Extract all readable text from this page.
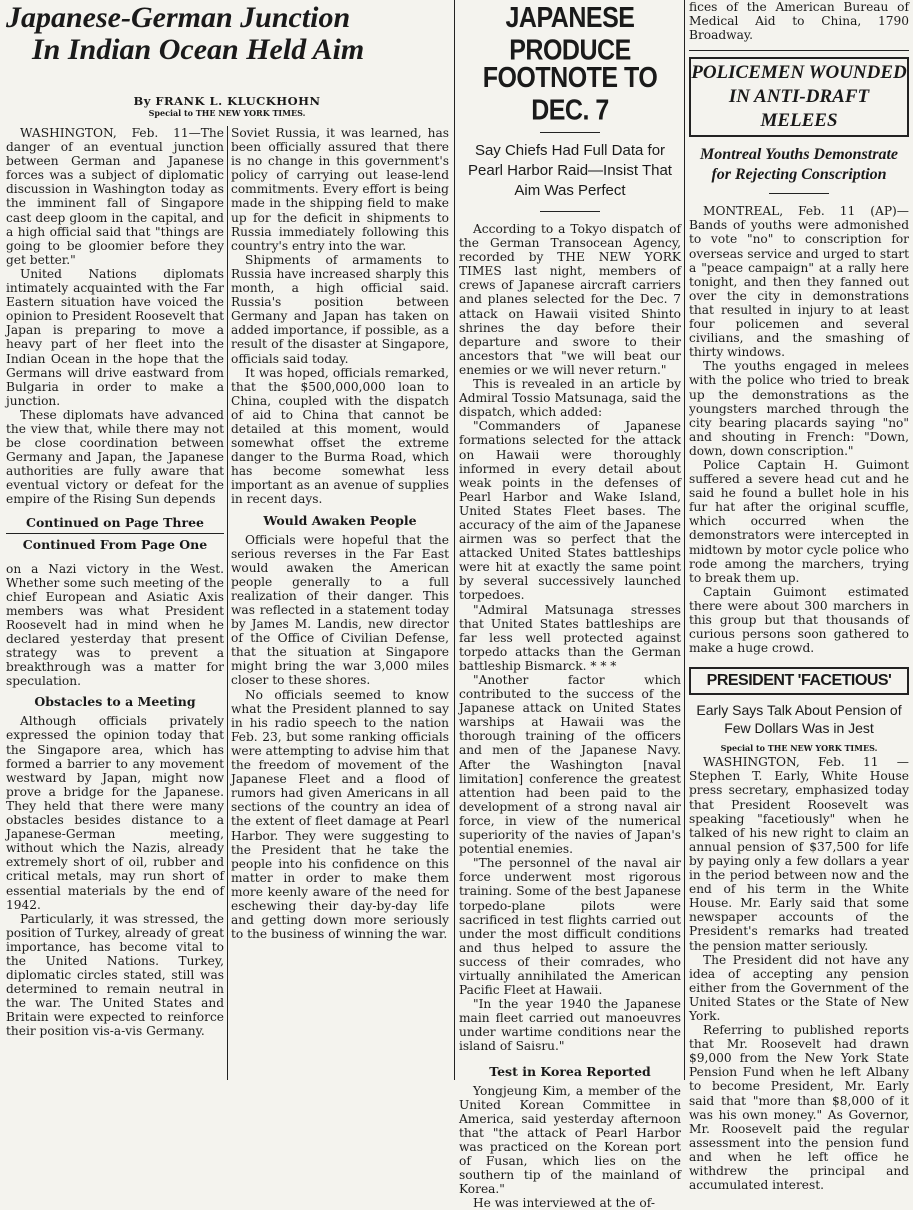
Japanese-German Junction
In Indian Ocean Held Aim
By FRANK L. KLUCKHOHN
Special to THE NEW YORK TIMES.

WASHINGTON, Feb. 11—The danger of an eventual junction between German and Japanese forces was a subject of diplomatic discussion in Washington today as the imminent fall of Singapore cast deep gloom in the capital, and a high official said that "things are going to be gloomier before they get better."

United Nations diplomats intimately acquainted with the Far Eastern situation have voiced the opinion to President Roosevelt that Japan is preparing to move a heavy part of her fleet into the Indian Ocean in the hope that the Germans will drive eastward from Bulgaria in order to make a junction.

These diplomats have advanced the view that, while there may not be close coordination between Germany and Japan, the Japanese authorities are fully aware that eventual victory or defeat for the empire of the Rising Sun depends

Continued on Page Three
Continued From Page One

on a Nazi victory in the West. Whether some such meeting of the chief European and Asiatic Axis members was what President Roosevelt had in mind when he declared yesterday that present strategy was to prevent a breakthrough was a matter for speculation.

Obstacles to a Meeting

Although officials privately expressed the opinion today that the Singapore area, which has formed a barrier to any movement westward by Japan, might now prove a bridge for the Japanese. They held that there were many obstacles besides distance to a Japanese-German meeting, without which the Nazis, already extremely short of oil, rubber and critical metals, may run short of essential materials by the end of 1942.

Particularly, it was stressed, the position of Turkey, already of great importance, has become vital to the United Nations. Turkey, diplomatic circles stated, still was determined to remain neutral in the war. The United States and Britain were expected to reinforce their position vis-a-vis Germany.

Soviet Russia, it was learned, has been officially assured that there is no change in this government's policy of carrying out lease-lend commitments. Every effort is being made in the shipping field to make up for the deficit in shipments to Russia immediately following this country's entry into the war.

Shipments of armaments to Russia have increased sharply this month, a high official said. Russia's position between Germany and Japan has taken on added importance, if possible, as a result of the disaster at Singapore, officials said today.

It was hoped, officials remarked, that the $500,000,000 loan to China, coupled with the dispatch of aid to China that cannot be detailed at this moment, would somewhat offset the extreme danger to the Burma Road, which has become somewhat less important as an avenue of supplies in recent days.

Would Awaken People

Officials were hopeful that the serious reverses in the Far East would awaken the American people generally to a full realization of their danger. This was reflected in a statement today by James M. Landis, new director of the Office of Civilian Defense, that the situation at Singapore might bring the war 3,000 miles closer to these shores.

No officials seemed to know what the President planned to say in his radio speech to the nation Feb. 23, but some ranking officials were attempting to advise him that the freedom of movement of the Japanese Fleet and a flood of rumors had given Americans in all sections of the country an idea of the extent of fleet damage at Pearl Harbor. They were suggesting to the President that he take the people into his confidence on this matter in order to make them more keenly aware of the need for eschewing their day-by-day life and getting down more seriously to the business of winning the war.

JAPANESE PRODUCE
FOOTNOTE TO DEC. 7
Say Chiefs Had Full Data for Pearl Harbor Raid—Insist That Aim Was Perfect

According to a Tokyo dispatch of the German Transocean Agency, recorded by THE NEW YORK TIMES last night, members of crews of Japanese aircraft carriers and planes selected for the Dec. 7 attack on Hawaii visited Shinto shrines the day before their departure and swore to their ancestors that "we will beat our enemies or we will never return."

This is revealed in an article by Admiral Tossio Matsunaga, said the dispatch, which added:

"Commanders of Japanese formations selected for the attack on Hawaii were thoroughly informed in every detail about weak points in the defenses of Pearl Harbor and Wake Island, United States Fleet bases. The accuracy of the aim of the Japanese airmen was so perfect that the attacked United States battleships were hit at exactly the same point by several successively launched torpedoes.

"Admiral Matsunaga stresses that United States battleships are far less well protected against torpedo attacks than the German battleship Bismarck. * * *

"Another factor which contributed to the success of the Japanese attack on United States warships at Hawaii was the thorough training of the officers and men of the Japanese Navy. After the Washington [naval limitation] conference the greatest attention had been paid to the development of a strong naval air force, in view of the numerical superiority of the navies of Japan's potential enemies.

"The personnel of the naval air force underwent most rigorous training. Some of the best Japanese torpedo-plane pilots were sacrificed in test flights carried out under the most difficult conditions and thus helped to assure the success of their comrades, who virtually annihilated the American Pacific Fleet at Hawaii.

"In the year 1940 the Japanese main fleet carried out manoeuvres under wartime conditions near the island of Saisru."

Test in Korea Reported

Yongjeung Kim, a member of the United Korean Committee in America, said yesterday afternoon that "the attack of Pearl Harbor was practiced on the Korean port of Fusan, which lies on the southern tip of the mainland of Korea."

He was interviewed at the of-

fices of the American Bureau of Medical Aid to China, 1790 Broadway.

POLICEMEN WOUNDED
IN ANTI-DRAFT MELEES
Montreal Youths Demonstrate for Rejecting Conscription

MONTREAL, Feb. 11 (AP)—Bands of youths were admonished to vote "no" to conscription for overseas service and urged to start a "peace campaign" at a rally here tonight, and then they fanned out over the city in demonstrations that resulted in injury to at least four policemen and several civilians, and the smashing of thirty windows.

The youths engaged in melees with the police who tried to break up the demonstrations as the youngsters marched through the city bearing placards saying "no" and shouting in French: "Down, down, down conscription."

Police Captain H. Guimont suffered a severe head cut and he said he found a bullet hole in his fur hat after the original scuffle, which occurred when the demonstrators were intercepted in midtown by motor cycle police who rode among the marchers, trying to break them up.

Captain Guimont estimated there were about 300 marchers in this group but that thousands of curious persons soon gathered to make a huge crowd.

PRESIDENT 'FACETIOUS'
Early Says Talk About Pension of Few Dollars Was in Jest
Special to THE NEW YORK TIMES.

WASHINGTON, Feb. 11 — Stephen T. Early, White House press secretary, emphasized today that President Roosevelt was speaking "facetiously" when he talked of his new right to claim an annual pension of $37,500 for life by paying only a few dollars a year in the period between now and the end of his term in the White House. Mr. Early said that some newspaper accounts of the President's remarks had treated the pension matter seriously.

The President did not have any idea of accepting any pension either from the Government of the United States or the State of New York.

Referring to published reports that Mr. Roosevelt had drawn $9,000 from the New York State Pension Fund when he left Albany to become President, Mr. Early said that "more than $8,000 of it was his own money." As Governor, Mr. Roosevelt paid the regular assessment into the pension fund and when he left office he withdrew the principal and accumulated interest.
